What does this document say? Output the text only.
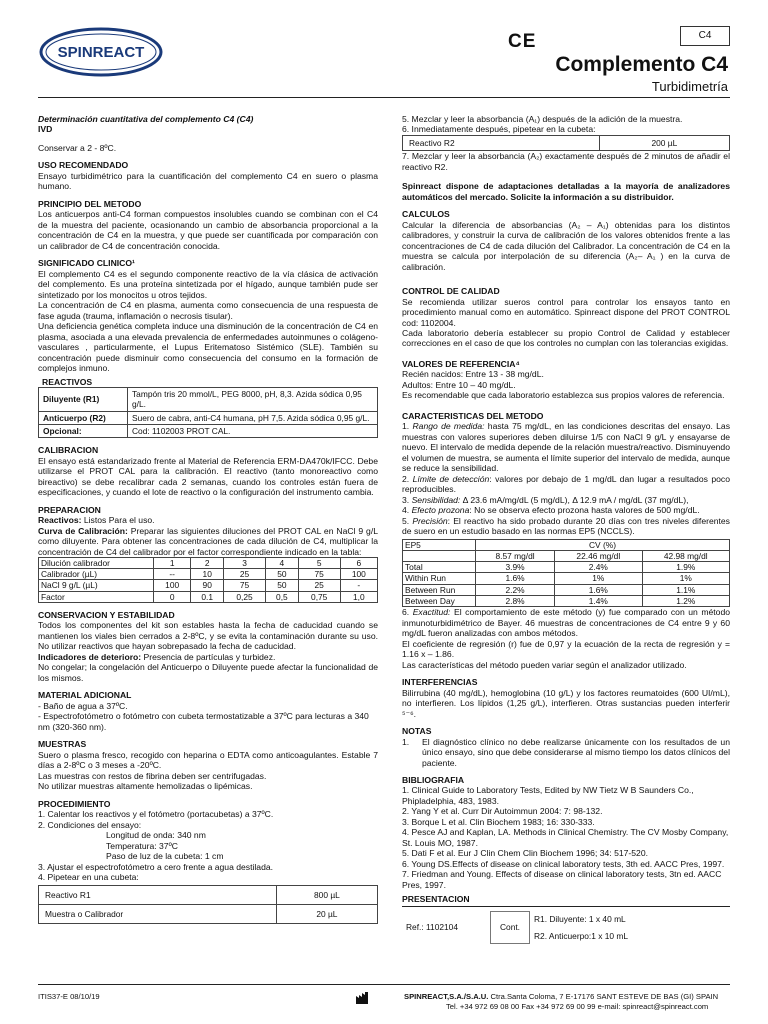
SPINREACT
CE	C4
Complemento C4
Turbidimetría

Determinación cuantitativa del complemento C4 (C4)

IVD

Conservar a 2 - 8ºC.

USO RECOMENDADO

Ensayo turbidimétrico para la cuantificación del complemento C4 en suero o plasma humano.

PRINCIPIO DEL METODO

Los anticuerpos anti-C4 forman compuestos insolubles cuando se combinan con el C4 de la muestra del paciente, ocasionando un cambio de absorbancia proporcional a la concentración de C4 en la muestra, y que puede ser cuantificada por comparación con un calibrador de C4 de concentración conocida.

SIGNIFICADO CLINICO¹

El complemento C4 es el segundo componente reactivo de la vía clásica de activación del complemento. Es una proteína sintetizada por el hígado, aunque también pude ser sintetizado por los monocitos u otros tejidos.

La concentración de C4 en plasma, aumenta como consecuencia de una respuesta de fase aguda (trauma, inflamación o necrosis tisular).

Una deficiencia genética completa induce una disminución de la concentración de C4 en plasma, asociada a una elevada prevalencia de enfermedades autoinmunes o colágeno-vasculares , particularmente, el Lupus Eritematoso Sistémico (SLE). También su concentración puede disminuir como consecuencia del consumo en la formación de complejos inmuno.

REACTIVOS
Diluyente (R1)	Tampón tris 20 mmol/L, PEG 8000, pH, 8,3. Azida sódica 0,95 g/L.
Anticuerpo (R2)	Suero de cabra, anti-C4 humana, pH 7,5. Azida sódica 0,95 g/L.
Opcional:	Cod: 1102003 PROT CAL.
CALIBRACION

El ensayo está estandarizado frente al Material de Referencia ERM-DA470k/IFCC. Debe utilizarse el PROT CAL para la calibración. El reactivo (tanto monoreactivo como bireactivo) se debe recalibrar cada 2 semanas, cuando los controles están fuera de especificaciones, y cuando el lote de reactivo o la configuración del instrumento cambia.

PREPARACION

Reactivos: Listos Para el uso.

Curva de Calibración: Preparar las siguientes diluciones del PROT CAL en NaCl 9 g/L como diluyente. Para obtener las concentraciones de cada dilución de C4, multiplicar la concentración de C4 del calibrador por el factor correspondiente indicado en la tabla:

Dilución calibrador	1	2	3	4	5	6
Calibrador (µL)	--	10	25	50	75	100
NaCl 9 g/L (µL)	100	90	75	50	25	-
Factor	0	0.1	0,25	0,5	0,75	1,0
CONSERVACION Y ESTABILIDAD

Todos los componentes del kit son estables hasta la fecha de caducidad cuando se mantienen los viales bien cerrados a 2-8ºC, y se evita la contaminación durante su uso. No utilizar reactivos que hayan sobrepasado la fecha de caducidad.

Indicadores de deterioro: Presencia de partículas y turbidez.

No congelar; la congelación del Anticuerpo o Diluyente puede afectar la funcionalidad de los mismos.

MATERIAL ADICIONAL

- Baño de agua a 37ºC.

- Espectrofotómetro o fotómetro con cubeta termostatizable a 37ºC para lecturas a 340 nm (320-360 nm).

MUESTRAS

Suero o plasma fresco, recogido con heparina o EDTA como anticoagulantes. Estable 7 días a 2-8ºC o 3 meses a -20ºC.

Las muestras con restos de fibrina deben ser centrifugadas.

No utilizar muestras altamente hemolizadas o lipémicas.

PROCEDIMIENTO

1. Calentar los reactivos y el fotómetro (portacubetas) a 37ºC.

2. Condiciones del ensayo:

Longitud de onda: 340 nm

Temperatura: 37ºC

Paso de luz de la cubeta: 1 cm

3. Ajustar el espectrofotómetro a cero frente a agua destilada.

4. Pipetear en una cubeta:

Reactivo R1	800 µL
Muestra o Calibrador	20 µL

5. Mezclar y leer la absorbancia (A₁) después de la adición de la muestra.

6. Inmediatamente después, pipetear en la cubeta:

Reactivo R2	200 µL

7. Mezclar y leer la absorbancia (A₂) exactamente después de 2 minutos de añadir el reactivo R2.

Spinreact dispone de adaptaciones detalladas a la mayoría de analizadores automáticos del mercado. Solicite la información a su distribuidor.

CALCULOS

Calcular la diferencia de absorbancias (A₂ – A₁) obtenidas para los distintos calibradores, y construir la curva de calibración de los valores obtenidos frente a las concentraciones de C4 de cada dilución del Calibrador. La concentración de C4 en la muestra se calcula por interpolación de su diferencia (A₂– A₁ ) en la curva de calibración.

CONTROL DE CALIDAD

Se recomienda utilizar sueros control para controlar los ensayos tanto en procedimiento manual como en automático. Spinreact dispone del PROT CONTROL cod: 1102004.

Cada laboratorio debería establecer su propio Control de Calidad y establecer correcciones en el caso de que los controles no cumplan con las tolerancias exigidas.

VALORES DE REFERENCIA⁴

Recién nacidos: Entre 13 - 38 mg/dL.

Adultos: Entre 10 – 40 mg/dL.

Es recomendable que cada laboratorio establezca sus propios valores de referencia.

CARACTERISTICAS DEL METODO

1. Rango de medida: hasta 75 mg/dL, en las condiciones descritas del ensayo. Las muestras con valores superiores deben diluirse 1/5 con NaCl 9 g/L y ensayarse de nuevo. El intervalo de medida depende de la relación muestra/reactivo. Disminuyendo el volumen de muestra, se aumenta el límite superior del intervalo de medida, aunque se reduce la sensibilidad.

2. Límite de detección: valores por debajo de 1 mg/dL dan lugar a resultados poco reproducibles.

3. Sensibilidad: Δ 23.6 mA/mg/dL (5 mg/dL), Δ 12.9 mA / mg/dL (37 mg/dL),

4. Efecto prozona: No se observa efecto prozona hasta valores de 500 mg/dL.

5. Precisión: El reactivo ha sido probado durante 20 días con tres niveles diferentes de suero en un estudio basado en las normas EP5 (NCCLS).

EP5	CV (%)		
	8.57 mg/dl	22.46 mg/dl	42.98 mg/dl
Total	3.9%	2.4%	1.9%
Within Run	1.6%	1%	1%
Between Run	2.2%	1.6%	1.1%
Between Day	2.8%	1.4%	1.2%

6. Exactitud: El comportamiento de este método (y) fue comparado con un método inmunoturbidimétrico de Bayer. 46 muestras de concentraciones de C4 entre 9 y 60 mg/dL fueron analizadas con ambos métodos.

El coeficiente de regresión (r) fue de 0,97 y la ecuación de la recta de regresión y = 1.16 x – 1.86.

Las características del método pueden variar según el analizador utilizado.

INTERFERENCIAS

Bilirrubina (40 mg/dL), hemoglobina (10 g/L) y los factores reumatoides (600 UI/mL), no interfieren. Los lípidos (1,25 g/L), interfieren. Otras sustancias pueden interferir ⁵⁻⁶.

NOTAS

1.	El diagnóstico clínico no debe realizarse únicamente con los resultados de un único ensayo, sino que debe considerarse al mismo tiempo los datos clínicos del paciente.

BIBLIOGRAFIA

1. Clinical Guide to Laboratory Tests, Edited by NW Tietz W B Saunders Co., Phipladelphia, 483, 1983.

2. Yang Y et al. Curr Dir Autoimmun 2004: 7: 98-132.

3. Borque L et al. Clin Biochem 1983; 16: 330-333.

4. Pesce AJ and Kaplan, LA. Methods in Clinical Chemistry. The CV Mosby Company, St. Louis MO, 1987.

5. Dati F et al. Eur J Clin Chem Clin Biochem 1996; 34: 517-520.

6. Young DS.Effects of disease on clinical laboratory tests, 3th ed. AACC Pres, 1997.

7. Friedman and Young. Effects of disease on clinical laboratory tests, 3tn ed. AACC Pres, 1997.

PRESENTACION
Ref.: 1102104	Cont.	R1. Diluyente: 1 x 40 mL
R2. Anticuerpo:1 x 10 mL
ITIS37-E 08/10/19	SPINREACT,S.A./S.A.U. Ctra.Santa Coloma, 7 E-17176 SANT ESTEVE DE BAS (GI) SPAIN
Tel. +34 972 69 08 00 Fax +34 972 69 00 99 e-mail: spinreact@spinreact.com
